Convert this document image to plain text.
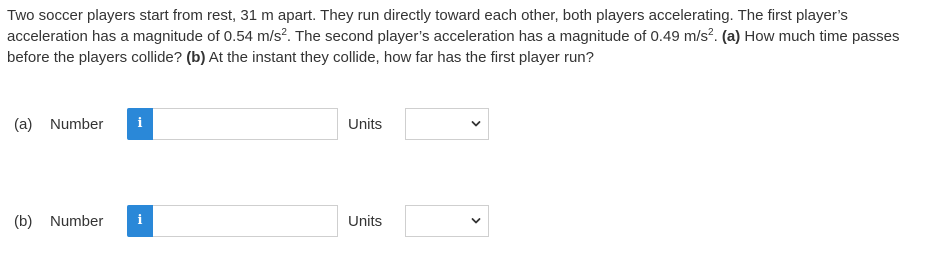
Two soccer players start from rest, 31 m apart. They run directly toward each other, both players accelerating. The first player’s acceleration has a magnitude of 0.54 $m/s^2$. The second player’s acceleration has a magnitude of 0.49 $m/s^2$. (a) How much time passes before the players collide? (b) At the instant they collide, how far has the first player run?

(a) Number	i	Units
(b) Number	i	Units
